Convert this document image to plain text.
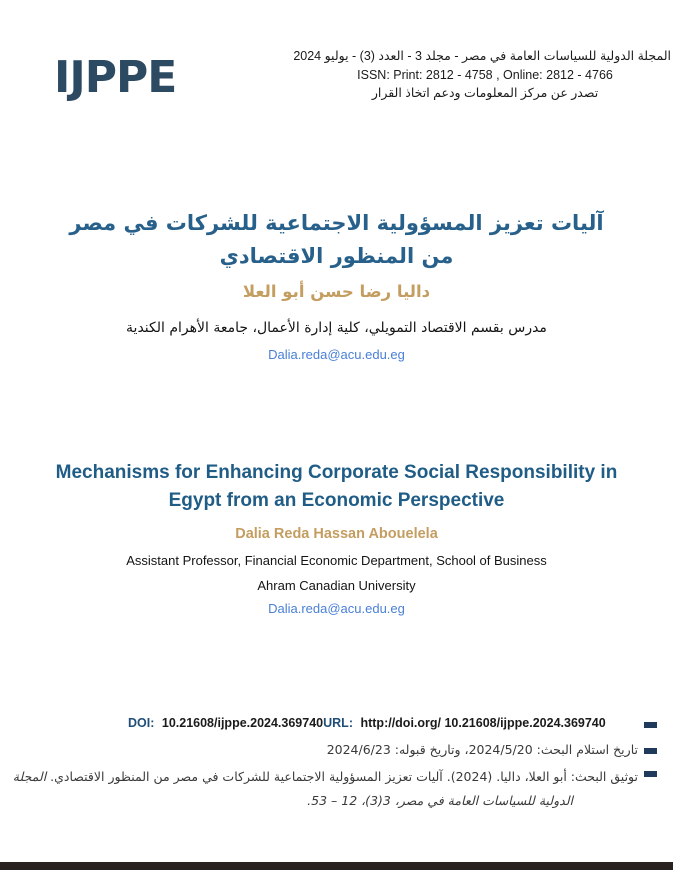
IJPPE	المجلة الدولية للسياسات العامة في مصر - مجلد 3 - العدد (3) - يوليو 2024
ISSN: Print: 2812 - 4758 , Online: 2812 - 4766
تصدر عن مركز المعلومات ودعم اتخاذ القرار
آليات تعزيز المسؤولية الاجتماعية للشركات في مصر
من المنظور الاقتصادي
داليا رضا حسن أبو العلا
مدرس بقسم الاقتصاد التمويلي، كلية إدارة الأعمال، جامعة الأهرام الكندية
Dalia.reda@acu.edu.eg
Mechanisms for Enhancing Corporate Social Responsibility in
Egypt from an Economic Perspective
Dalia Reda Hassan Abouelela
Assistant Professor, Financial Economic Department, School of Business
Ahram Canadian University
Dalia.reda@acu.edu.eg
DOI: 10.21608/ijppe.2024.369740 URL: http://doi.org/ 10.21608/ijppe.2024.369740
تاريخ استلام البحث: 2024/5/20، وتاريخ قبوله: 2024/6/23
توثيق البحث: أبو العلا، داليا. (2024). آليات تعزيز المسؤولية الاجتماعية للشركات في مصر من المنظور الاقتصادي. المجلة
الدولية للسياسات العامة في مصر، 3(3)، 12 – 53.
